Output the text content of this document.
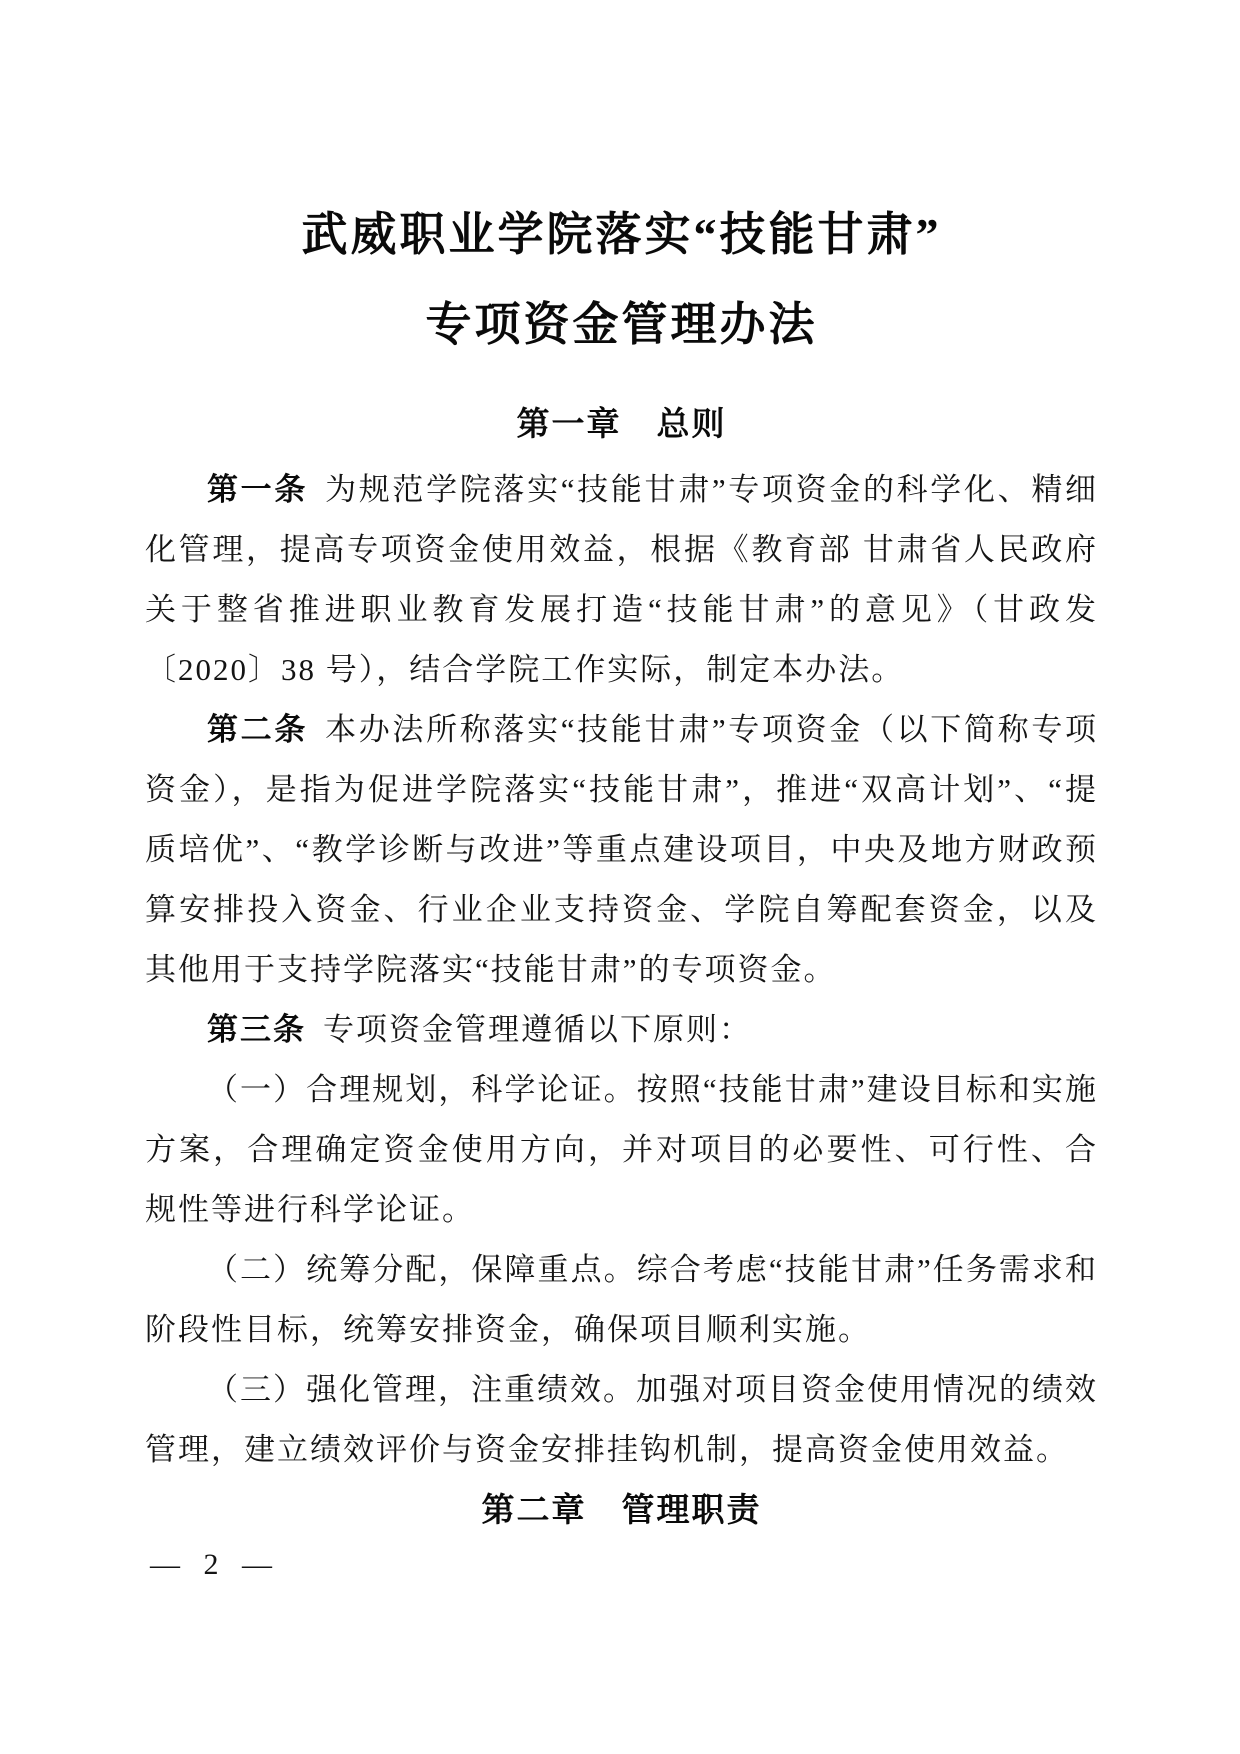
武威职业学院落实“技能甘肃”
专项资金管理办法
第一章　总则

第一条 为规范学院落实“技能甘肃”专项资金的科学化、精细化管理，提高专项资金使用效益，根据《教育部 甘肃省人民政府关于整省推进职业教育发展打造“技能甘肃”的意见》（甘政发〔2020〕38 号），结合学院工作实际，制定本办法。

第二条 本办法所称落实“技能甘肃”专项资金（以下简称专项资金），是指为促进学院落实“技能甘肃”，推进“双高计划”、“提质培优”、“教学诊断与改进”等重点建设项目，中央及地方财政预算安排投入资金、行业企业支持资金、学院自筹配套资金，以及其他用于支持学院落实“技能甘肃”的专项资金。

第三条 专项资金管理遵循以下原则：

（一）合理规划，科学论证。按照“技能甘肃”建设目标和实施方案，合理确定资金使用方向，并对项目的必要性、可行性、合规性等进行科学论证。

（二）统筹分配，保障重点。综合考虑“技能甘肃”任务需求和阶段性目标，统筹安排资金，确保项目顺利实施。

（三）强化管理，注重绩效。加强对项目资金使用情况的绩效管理，建立绩效评价与资金安排挂钩机制，提高资金使用效益。

第二章　管理职责
— 2 —
